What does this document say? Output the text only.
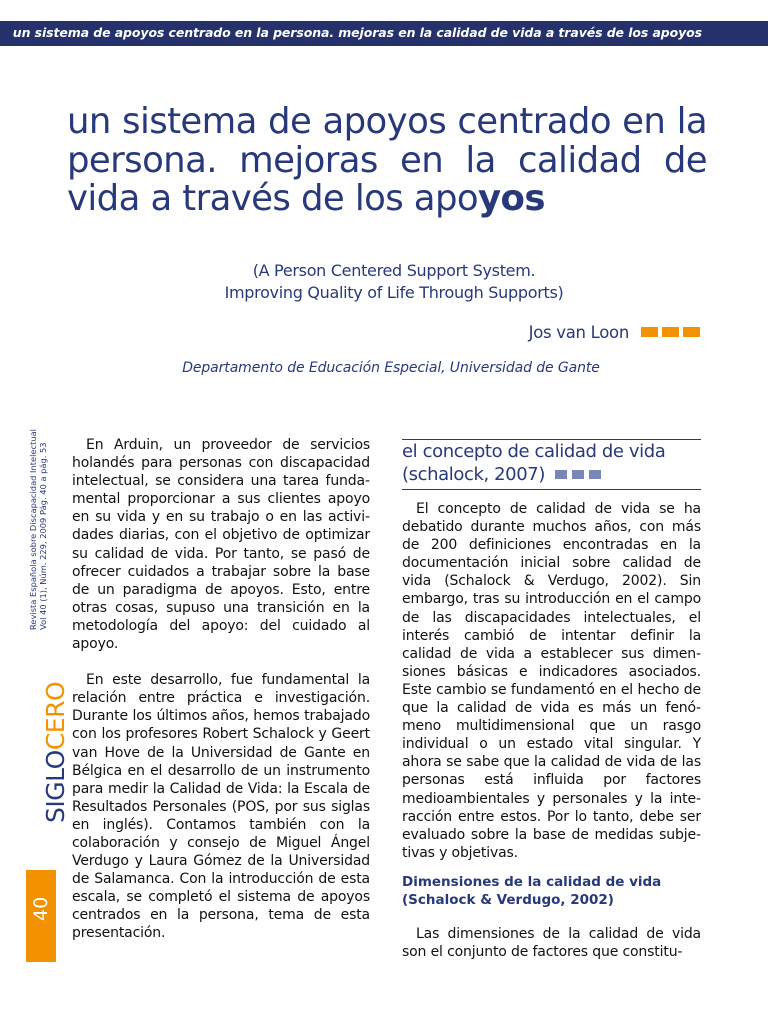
un sistema de apoyos centrado en la persona. mejoras en la calidad de vida a través de los apoyos
un sistema de apoyos centrado en la persona. mejoras en la calidad de vida a través de los apoyos

(A Person Centered Support System.
Improving Quality of Life Through Supports)

Jos van Loon

Departamento de Educación Especial, Universidad de Gante

En Arduin, un proveedor de servicios holandés para personas con discapacidad intelectual, se considera una tarea fundamental proporcionar a sus clientes apoyo en su vida y en su trabajo o en las actividades diarias, con el objetivo de optimizar su calidad de vida. Por tanto, se pasó de ofrecer cuidados a trabajar sobre la base de un paradigma de apoyos. Esto, entre otras cosas, supuso una transición en la metodología del apoyo: del cuidado al apoyo.

En este desarrollo, fue fundamental la relación entre práctica e investigación. Durante los últimos años, hemos trabajado con los profesores Robert Schalock y Geert van Hove de la Universidad de Gante en Bélgica en el desarrollo de un instrumento para medir la Calidad de Vida: la Escala de Resultados Personales (POS, por sus siglas en inglés). Contamos también con la colaboración y consejo de Miguel Ángel Verdugo y Laura Gómez de la Universidad de Salamanca. Con la introducción de esta escala, se completó el sistema de apoyos centrados en la persona, tema de esta presentación.

el concepto de calidad de vida
(schalock, 2007)

El concepto de calidad de vida se ha debatido durante muchos años, con más de 200 definiciones encontradas en la documentación inicial sobre calidad de vida (Schalock & Verdugo, 2002). Sin embargo, tras su introducción en el campo de las discapacidades intelectuales, el interés cambió de intentar definir la calidad de vida a establecer sus dimensiones básicas e indicadores asociados. Este cambio se fundamentó en el hecho de que la calidad de vida es más un fenómeno multidimensional que un rasgo individual o un estado vital singular. Y ahora se sabe que la calidad de vida de las personas está influida por factores medioambientales y personales y la interacción entre estos. Por lo tanto, debe ser evaluado sobre la base de medidas subjetivas y objetivas.

Dimensiones de la calidad de vida (Schalock & Verdugo, 2002)

Las dimensiones de la calidad de vida son el conjunto de factores que constitu-

Revista Española sobre Discapacidad Intelectual
Vol 40 (1), Núm. 229, 2009 Pág. 40 a pág. 53
SIGLOCERO
40
